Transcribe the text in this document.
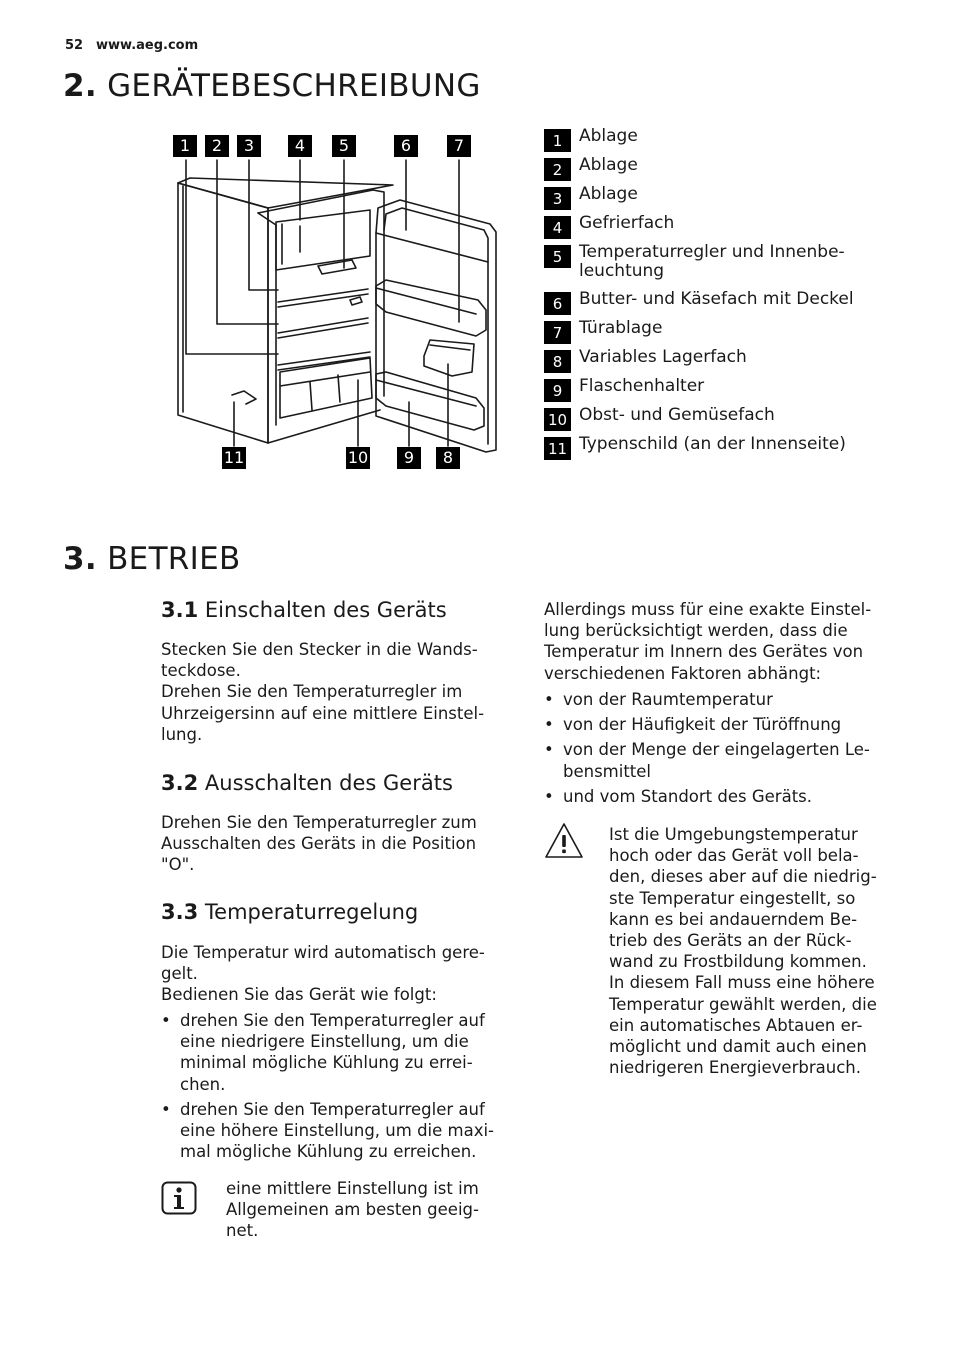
52 www.aeg.com
2. GERÄTEBESCHREIBUNG
1	2	3	4	5	6	7
11	10	9	8
1 Ablage
2 Ablage
3 Ablage
4 Gefrierfach
5 Temperaturregler und Innenbe-
leuchtung
6 Butter- und Käsefach mit Deckel
7 Türablage
8 Variables Lagerfach
9 Flaschenhalter
10 Obst- und Gemüsefach
11 Typenschild (an der Innenseite)
3. BETRIEB
3.1 Einschalten des Geräts
Stecken Sie den Stecker in die Wands-
teckdose.
Drehen Sie den Temperaturregler im
Uhrzeigersinn auf eine mittlere Einstel-
lung.
3.2 Ausschalten des Geräts
Drehen Sie den Temperaturregler zum
Ausschalten des Geräts in die Position
"O".
3.3 Temperaturregelung
Die Temperatur wird automatisch gere-
gelt.
Bedienen Sie das Gerät wie folgt:
• drehen Sie den Temperaturregler auf
eine niedrigere Einstellung, um die
minimal mögliche Kühlung zu errei-
chen.
• drehen Sie den Temperaturregler auf
eine höhere Einstellung, um die maxi-
mal mögliche Kühlung zu erreichen.
eine mittlere Einstellung ist im
Allgemeinen am besten geeig-
net.
Allerdings muss für eine exakte Einstel-
lung berücksichtigt werden, dass die
Temperatur im Innern des Gerätes von
verschiedenen Faktoren abhängt:
• von der Raumtemperatur
• von der Häufigkeit der Türöffnung
• von der Menge der eingelagerten Le-
bensmittel
• und vom Standort des Geräts.
Ist die Umgebungstemperatur
hoch oder das Gerät voll bela-
den, dieses aber auf die niedrig-
ste Temperatur eingestellt, so
kann es bei andauerndem Be-
trieb des Geräts an der Rück-
wand zu Frostbildung kommen.
In diesem Fall muss eine höhere
Temperatur gewählt werden, die
ein automatisches Abtauen er-
möglicht und damit auch einen
niedrigeren Energieverbrauch.
